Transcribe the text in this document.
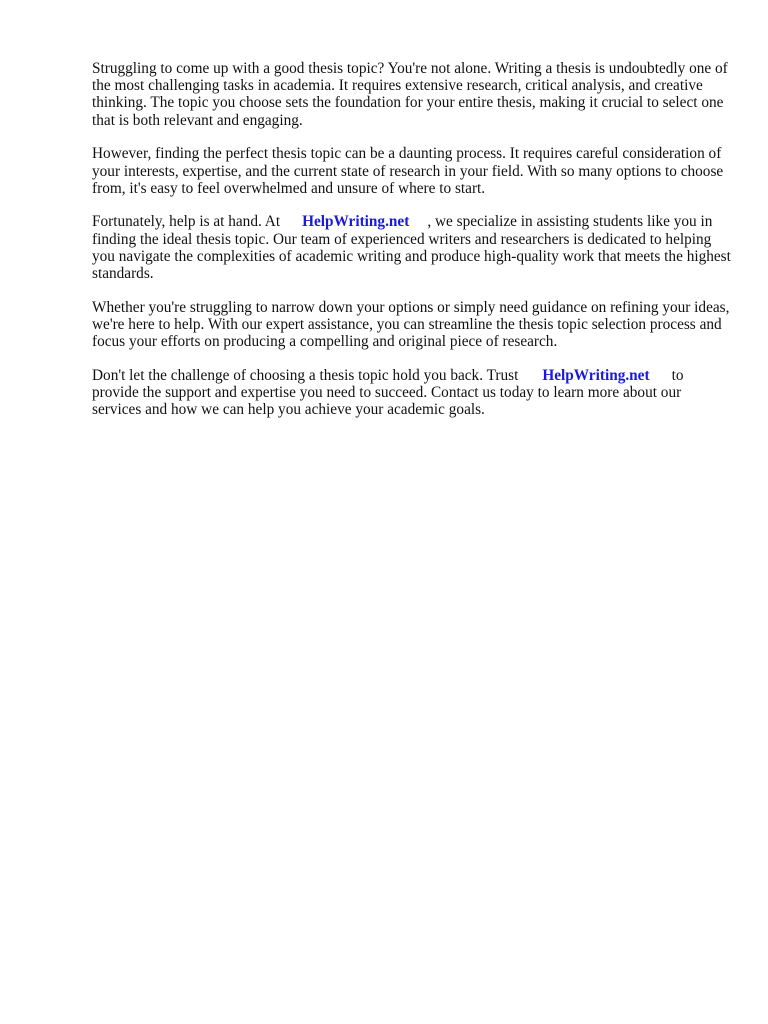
Struggling to come up with a good thesis topic? You're not alone. Writing a thesis is undoubtedly one of the most challenging tasks in academia. It requires extensive research, critical analysis, and creative thinking. The topic you choose sets the foundation for your entire thesis, making it crucial to select one that is both relevant and engaging.

However, finding the perfect thesis topic can be a daunting process. It requires careful consideration of your interests, expertise, and the current state of research in your field. With so many options to choose from, it's easy to feel overwhelmed and unsure of where to start.

Fortunately, help is at hand. At HelpWriting.net , we specialize in assisting students like you in finding the ideal thesis topic. Our team of experienced writers and researchers is dedicated to helping you navigate the complexities of academic writing and produce high-quality work that meets the highest standards.

Whether you're struggling to narrow down your options or simply need guidance on refining your ideas, we're here to help. With our expert assistance, you can streamline the thesis topic selection process and focus your efforts on producing a compelling and original piece of research.

Don't let the challenge of choosing a thesis topic hold you back. Trust HelpWriting.net to provide the support and expertise you need to succeed. Contact us today to learn more about our services and how we can help you achieve your academic goals.
